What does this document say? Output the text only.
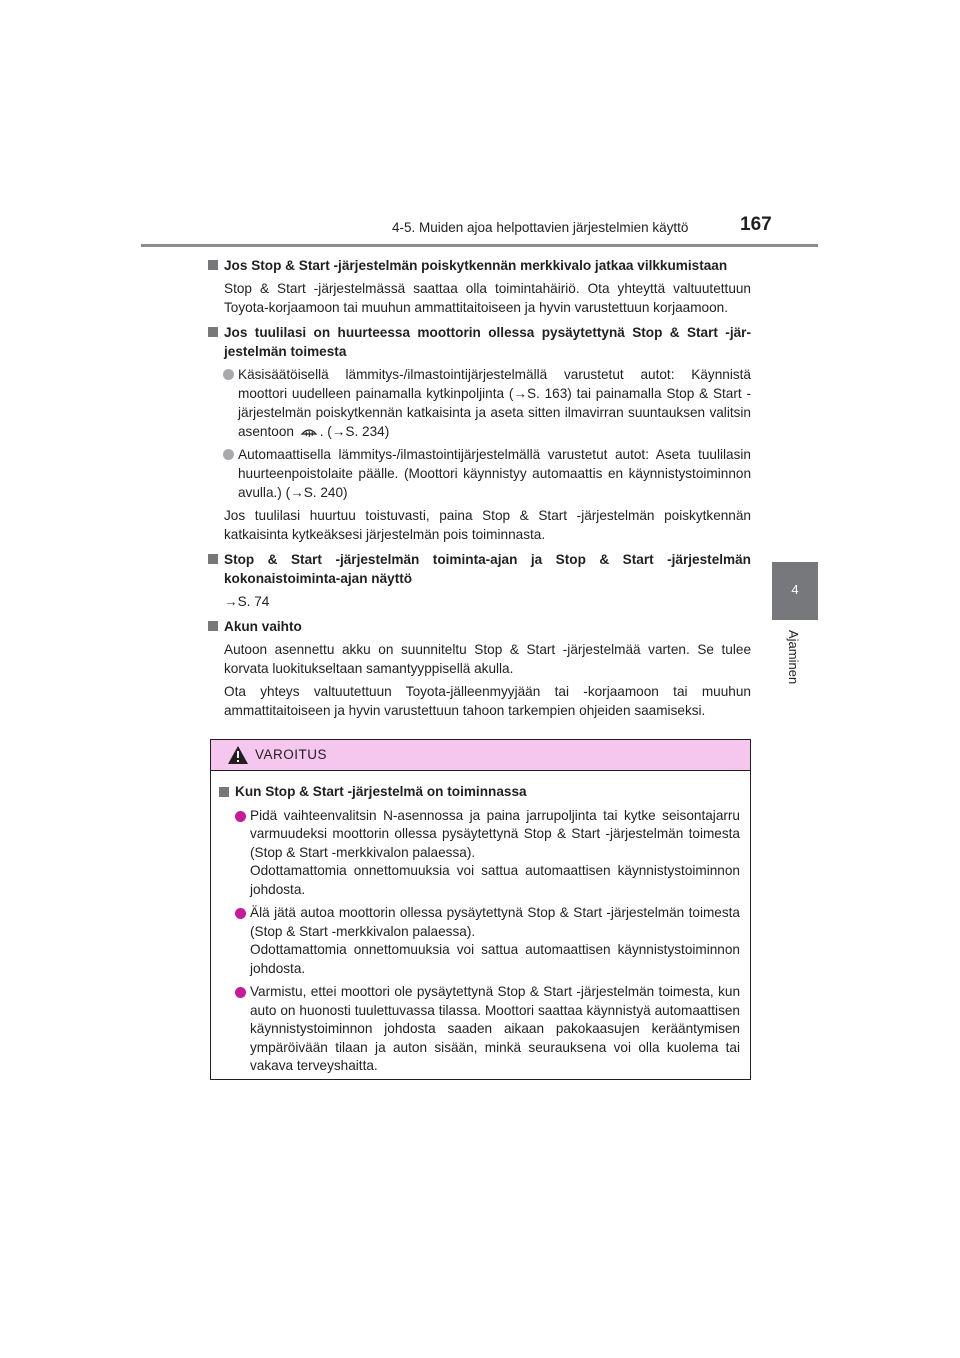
4-5. Muiden ajoa helpottavien järjestelmien käyttö	167
4
Ajaminen
Jos Stop & Start -järjestelmän poiskytkennän merkkivalo jatkaa vilkkumistaan
Stop & Start -järjestelmässä saattaa olla toimintahäiriö. Ota yhteyttä valtuutettuun Toyota-korjaamoon tai muuhun ammattitaitoiseen ja hyvin varustettuun korjaamoon.
Jos tuulilasi on huurteessa moottorin ollessa pysäytettynä Stop & Start -järjestelmän toimesta
Käsisäätöisellä lämmitys-/ilmastointijärjestelmällä varustetut autot: Käynnistä moottori uudelleen painamalla kytkinpoljinta (→S. 163) tai painamalla Stop & Start -järjestelmän poiskytkennän katkaisinta ja aseta sitten ilmavirran suuntauksen valitsin asentoon . (→S. 234)
Automaattisella lämmitys-/ilmastointijärjestelmällä varustetut autot: Aseta tuulilasin huurteenpoistolaite päälle. (Moottori käynnistyy automaattis en käynnistystoiminnon avulla.) (→S. 240)
Jos tuulilasi huurtuu toistuvasti, paina Stop & Start -järjestelmän poiskytkennän katkaisinta kytkeäksesi järjestelmän pois toiminnasta.
Stop & Start -järjestelmän toiminta-ajan ja Stop & Start -järjestelmän kokonaistoiminta-ajan näyttö
→S. 74
Akun vaihto
Autoon asennettu akku on suunniteltu Stop & Start -järjestelmää varten. Se tulee korvata luokitukseltaan samantyyppisellä akulla.
Ota yhteys valtuutettuun Toyota-jälleenmyyjään tai -korjaamoon tai muuhun ammattitaitoiseen ja hyvin varustettuun tahoon tarkempien ohjeiden saamiseksi.
VAROITUS
Kun Stop & Start -järjestelmä on toiminnassa
Pidä vaihteenvalitsin N-asennossa ja paina jarrupoljinta tai kytke seisontajarru varmuudeksi moottorin ollessa pysäytettynä Stop & Start -järjestelmän toimesta (Stop & Start -merkkivalon palaessa).
Odottamattomia onnettomuuksia voi sattua automaattisen käynnistystoiminnon johdosta.
Älä jätä autoa moottorin ollessa pysäytettynä Stop & Start -järjestelmän toimesta (Stop & Start -merkkivalon palaessa).
Odottamattomia onnettomuuksia voi sattua automaattisen käynnistystoiminnon johdosta.
Varmistu, ettei moottori ole pysäytettynä Stop & Start -järjestelmän toimesta, kun auto on huonosti tuulettuvassa tilassa. Moottori saattaa käynnistyä automaattisen käynnistystoiminnon johdosta saaden aikaan pakokaasujen kerääntymisen ympäröivään tilaan ja auton sisään, minkä seurauksena voi olla kuolema tai vakava terveyshaitta.
